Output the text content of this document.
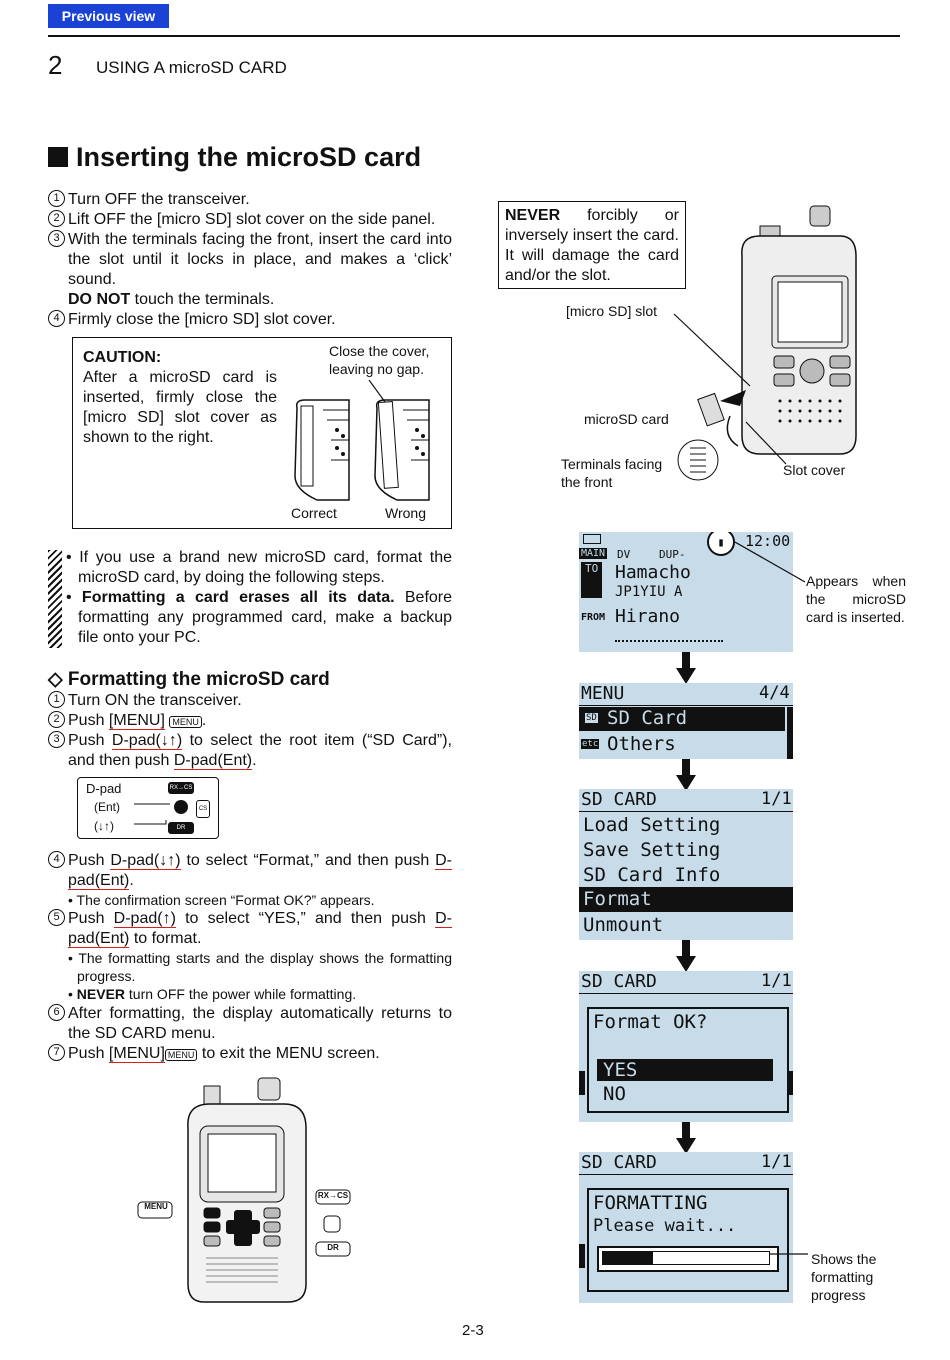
Previous view
2 USING A microSD CARD
Inserting the microSD card
1 Turn OFF the transceiver.
2 Lift OFF the [micro SD] slot cover on the side panel.
3 With the terminals facing the front, insert the card into the slot until it locks in place, and makes a ‘click’ sound.
DO NOT touch the terminals.
4 Firmly close the [micro SD] slot cover.
CAUTION:
After a microSD card is inserted, firmly close the [micro SD] slot cover as shown to the right.
Close the cover, leaving no gap.
Correct	Wrong
NEVER forcibly or inversely insert the card. It will damage the card and/or the slot.
[micro SD] slot
microSD card
Terminals facing the front
Slot cover
• If you use a brand new microSD card, format the microSD card, by doing the following steps.
• Formatting a card erases all its data. Before formatting any programmed card, make a backup file onto your PC.
◇ Formatting the microSD card
1 Turn ON the transceiver.
2 Push [MENU] MENU .
3 Push D-pad(↓↑) to select the root item (“SD Card”), and then push D-pad(Ent).
D-pad
(Ent)
(↓↑)
RX→CS
DR
CS
4 Push D-pad(↓↑) to select “Format,” and then push D-pad(Ent).
• The confirmation screen “Format OK?” appears.
5 Push D-pad(↑) to select “YES,” and then push D-pad(Ent) to format.
• The formatting starts and the display shows the formatting progress.
• NEVER turn OFF the power while formatting.
6 After formatting, the display automatically returns to the SD CARD menu.
7 Push [MENU] MENU to exit the MENU screen.
MENU
RX→CS
DR
▮	12:00
MAIN DV	DUP-
TO Hamacho
JP1YIU A
FROM Hirano
Appears when the microSD card is inserted.
MENU	4/4
SD SD Card
etc Others
SD CARD	1/1
Load Setting
Save Setting
SD Card Info
Format
Unmount
SD CARD	1/1
Format OK?
YES
NO
SD CARD	1/1
FORMATTING
Please wait...
Shows the formatting progress
2-3
